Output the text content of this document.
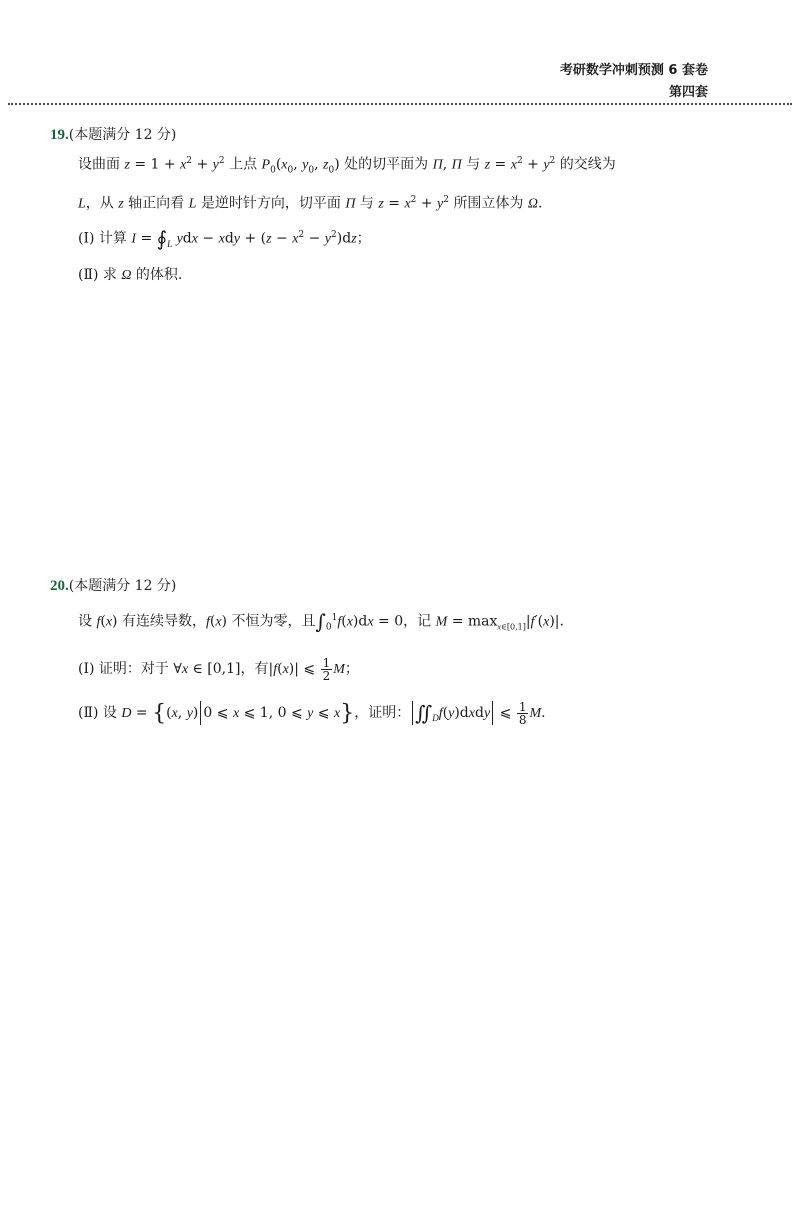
考研数学冲刺预测 6 套卷
第四套
19.(本题满分 12 分)
设曲面 $z = 1 + x^2 + y^2$ 上点 $P_0(x_0$, $y_0$, $z_0$) 处的切平面为 Π, Π 与 $z = x^2 + y^2$ 的交线为
L，从 z 轴正向看 L 是逆时针方向，切平面 Π 与 $z = x^2 + y^2$ 所围立体为 Ω.
(Ⅰ) 计算 $I = ∮_L$ ydx − xdy + $(z - x^2 - y^2)dz$；
(Ⅱ) 求 Ω 的体积.
20.(本题满分 12 分)
设 f(x) 有连续导数，f(x) 不恒为零，且$\int_0^1f(x)dx = 0$，记 $M = \max_{x\in[0,1]}|f'(x)|$.
(Ⅰ) 证明：对于 ∀x ∈ [0,1]，有|f(x)| ⩽ $\frac{1}{2}$ M；
(Ⅱ) 设 D = {(x, y) 0 ⩽ x ⩽ 1, 0 ⩽ y ⩽ x}，证明： $∬_Df(y)dxdy$ ⩽ $\frac{1}{8} M$.
